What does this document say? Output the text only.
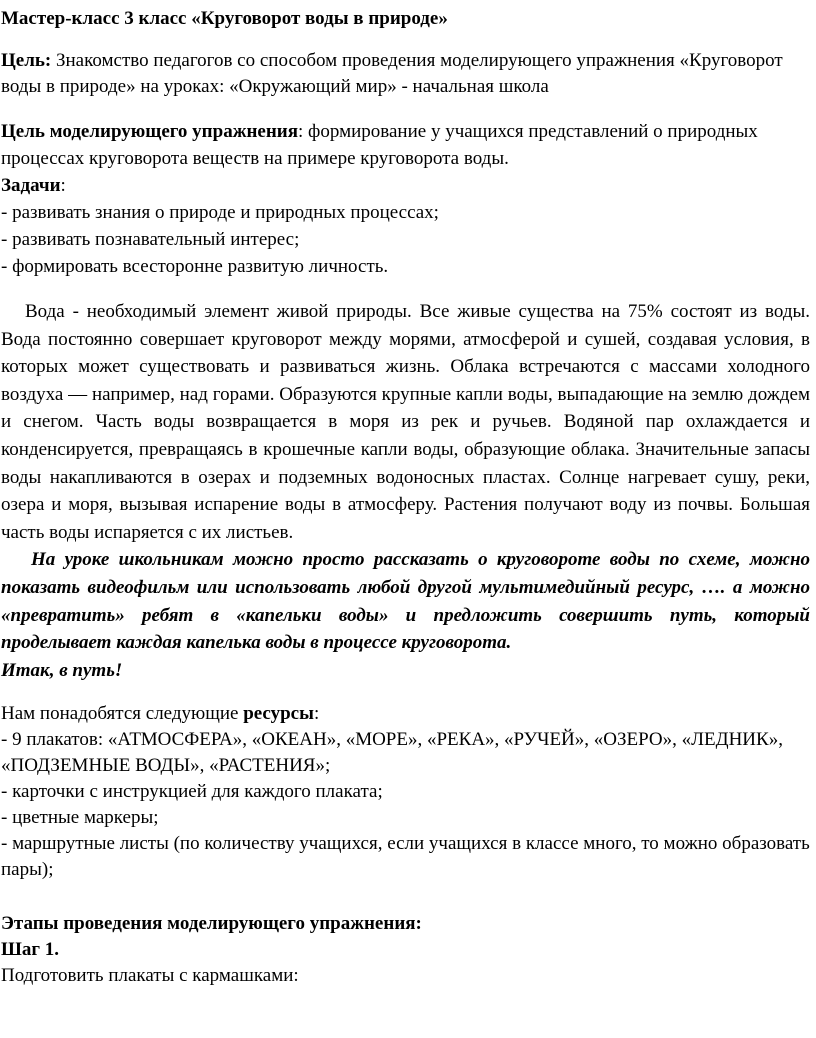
Мастер-класс 3 класс «Круговорот воды в природе»
Цель: Знакомство педагогов со способом проведения моделирующего упражнения «Круговорот воды в природе» на уроках: «Окружающий мир» - начальная школа

Цель моделирующего упражнения: формирование у учащихся представлений о природных процессах круговорота веществ на примере круговорота воды.

Задачи:

- развивать знания о природе и природных процессах;

- развивать познавательный интерес;

- формировать всесторонне развитую личность.

Вода - необходимый элемент живой природы. Все живые существа на 75% состоят из воды. Вода постоянно совершает круговорот между морями, атмосферой и сушей, создавая условия, в которых может существовать и развиваться жизнь. Облака встречаются с массами холодного воздуха — например, над горами. Образуются крупные капли воды, выпадающие на землю дождем и снегом. Часть воды возвращается в моря из рек и ручьев. Водяной пар охлаждается и конденсируется, превращаясь в крошечные капли воды, образующие облака. Значительные запасы воды накапливаются в озерах и подземных водоносных пластах. Солнце нагревает сушу, реки, озера и моря, вызывая испарение воды в атмосферу. Растения получают воду из почвы. Большая часть воды испаряется с их листьев.

На уроке школьникам можно просто рассказать о круговороте воды по схеме, можно показать видеофильм или использовать любой другой мультимедийный ресурс, …. а можно «превратить» ребят в «капельки воды» и предложить совершить путь, который проделывает каждая капелька воды в процессе круговорота.

Итак, в путь!

Нам понадобятся следующие ресурсы:

- 9 плакатов: «АТМОСФЕРА», «ОКЕАН», «МОРЕ», «РЕКА», «РУЧЕЙ», «ОЗЕРО», «ЛЕДНИК», «ПОДЗЕМНЫЕ ВОДЫ», «РАСТЕНИЯ»;

- карточки с инструкцией для каждого плаката;

- цветные маркеры;

- маршрутные листы (по количеству учащихся, если учащихся в классе много, то можно образовать пары);

Этапы проведения моделирующего упражнения:

Шаг 1.

Подготовить плакаты с кармашками:
